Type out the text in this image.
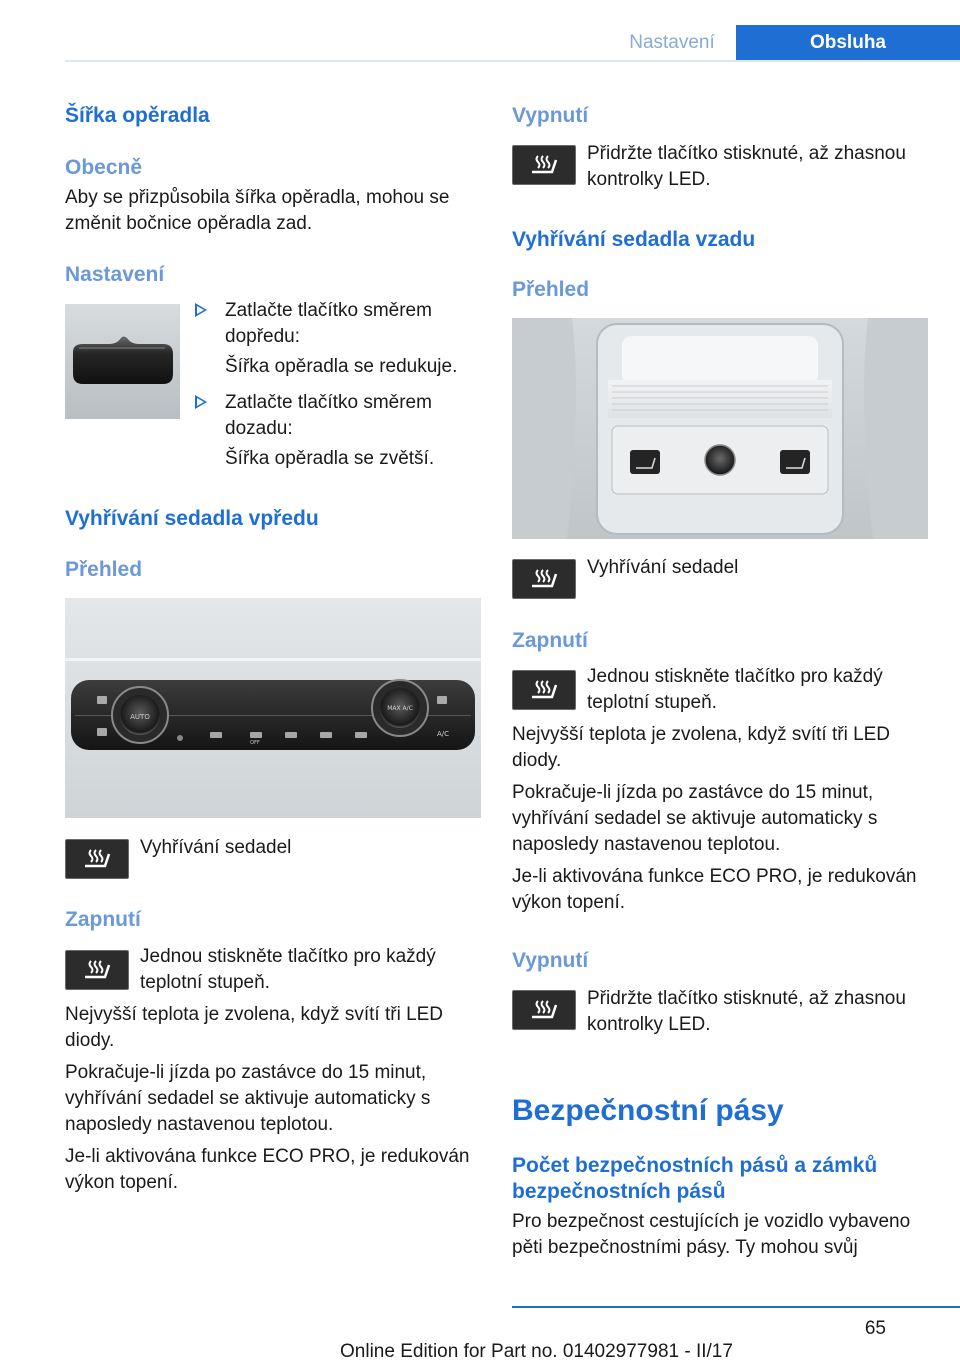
Nastavení	Obsluha
Šířka opěradla
Obecně
Aby se přizpůsobila šířka opěradla, mohou se změnit bočnice opěradla zad.
Nastavení
Zatlačte tlačítko směrem dopředu:
Šířka opěradla se redukuje.
Zatlačte tlačítko směrem dozadu:
Šířka opěradla se zvětší.
Vyhřívání sedadla vpředu
Přehled
AUTO
MAX A/C
A/C
OFF
Vyhřívání sedadel
Zapnutí
Jednou stiskněte tlačítko pro každý teplotní stupeň.
Nejvyšší teplota je zvolena, když svítí tři LED diody.
Pokračuje-li jízda po zastávce do 15 minut, vyhřívání sedadel se aktivuje automaticky s naposledy nastavenou teplotou.
Je-li aktivována funkce ECO PRO, je redukován výkon topení.
Vypnutí
Přidržte tlačítko stisknuté, až zhasnou kontrolky LED.
Vyhřívání sedadla vzadu
Přehled
Vyhřívání sedadel
Zapnutí
Jednou stiskněte tlačítko pro každý teplotní stupeň.
Nejvyšší teplota je zvolena, když svítí tři LED diody.
Pokračuje-li jízda po zastávce do 15 minut, vyhřívání sedadel se aktivuje automaticky s naposledy nastavenou teplotou.
Je-li aktivována funkce ECO PRO, je redukován výkon topení.
Vypnutí
Přidržte tlačítko stisknuté, až zhasnou kontrolky LED.
Bezpečnostní pásy
Počet bezpečnostních pásů a zámků bezpečnostních pásů
Pro bezpečnost cestujících je vozidlo vybaveno pěti bezpečnostními pásy. Ty mohou svůj
65
Online Edition for Part no. 01402977981 - II/17
